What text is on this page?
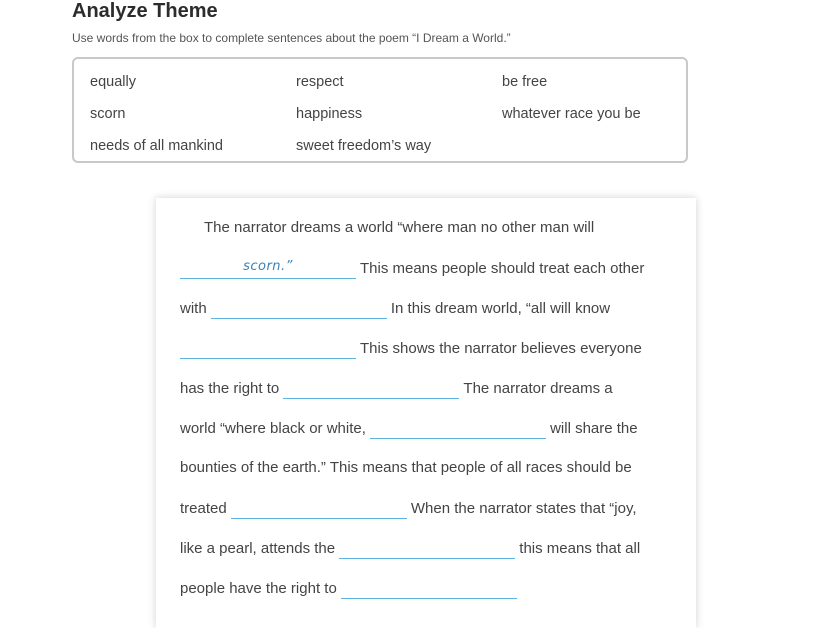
Analyze Theme
Use words from the box to complete sentences about the poem “I Dream a World.”
equally	respect	be free
scorn	happiness	whatever race you be
needs of all mankind	sweet freedom’s way
The narrator dreams a world “where man no other man will
scorn.”	This means people should treat each other
with	In this dream world, “all will know
This shows the narrator believes everyone
has the right to	The narrator dreams a
world “where black or white,	will share the
bounties of the earth.” This means that people of all races should be
treated	When the narrator states that “joy,
like a pearl, attends the	this means that all
people have the right to
